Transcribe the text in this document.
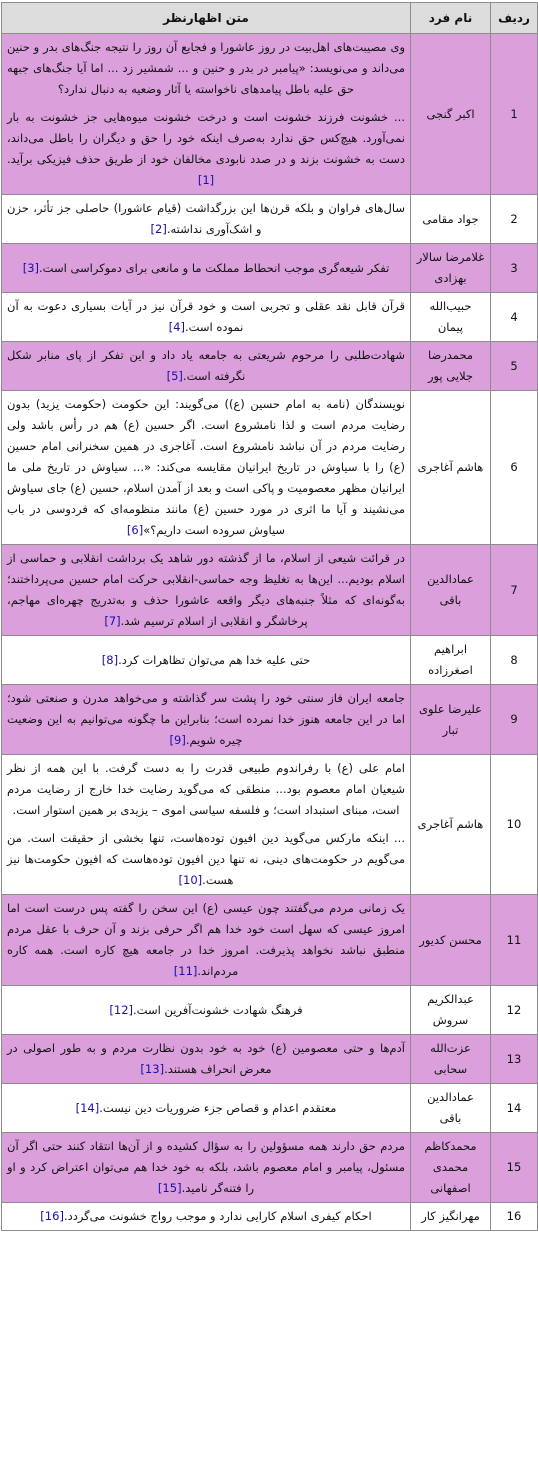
ردیف	نام فرد	متن اظهارنظر
1	اکبر گنجی	وی مصیبت‌های اهل‌بیت در روز عاشورا و فجایع آن روز را نتیجه جنگ‌های بدر و حنین می‌داند و می‌نویسد: «پیامبر در بدر و حنین و ... شمشیر زد ... اما آیا جنگ‌های جبهه حق علیه باطل پیامدهای ناخواسته یا آثار وضعیه به دنبال ندارد؟

... خشونت فرزند خشونت است و درخت خشونت میوه‌هایی جز خشونت به بار نمی‌آورد. هیچ‌کس حق ندارد به‌صرف اینکه خود را حق و دیگران را باطل می‌داند، دست به خشونت بزند و در صدد نابودی مخالفان خود از طریق حذف فیزیکی برآید.[1]

2	جواد مقامی	سال‌های فراوان و بلکه قرن‌ها این بزرگداشت (قیام عاشورا) حاصلی جز تأثر، حزن و اشک‌آوری نداشته.[2]

3	غلامرضا سالار بهزادی	تفکر شیعه‌گری موجب انحطاط مملکت ما و مانعی برای دموکراسی است.[3]

4	حبیب‌الله پیمان	قرآن قابل نقد عقلی و تجربی است و خود قرآن نیز در آیات بسیاری دعوت به آن نموده است.[4]

5	محمدرضا جلایی پور	شهادت‌طلبی را مرحوم شریعتی به جامعه یاد داد و این تفکر از پای منابر شکل نگرفته است.[5]

6	هاشم آغاجری	نویسندگان (نامه به امام حسین (ع)) می‌گویند: این حکومت (حکومت یزید) بدون رضایت مردم است و لذا نامشروع است. اگر حسین (ع) هم در رأس باشد ولی رضایت مردم در آن نباشد نامشروع است. آغاجری در همین سخنرانی امام حسین (ع) را با سیاوش در تاریخ ایرانیان مقایسه می‌کند: «... سیاوش در تاریخ ملی ما ایرانیان مظهر معصومیت و پاکی است و بعد از آمدن اسلام، حسین (ع) جای سیاوش می‌نشیند و آیا ما اثری در مورد حسین (ع) مانند منظومه‌ای که فردوسی در باب سیاوش سروده است داریم؟»[6]

7	عمادالدین باقی	در قرائت شیعی از اسلام، ما از گذشته دور شاهد یک برداشت انقلابی و حماسی از اسلام بودیم... این‌ها به تغلیظ وجه حماسی-انقلابی حرکت امام حسین می‌پرداختند؛ به‌گونه‌ای که مثلاً جنبه‌های دیگر واقعه عاشورا حذف و به‌تدریج چهره‌ای مهاجم، پرخاشگر و انقلابی از اسلام ترسیم شد.[7]

8	ابراهیم اصغرزاده	حتی علیه خدا هم می‌توان تظاهرات کرد.[8]

9	علیرضا علوی تبار	جامعه ایران فاز سنتی خود را پشت سر گذاشته و می‌خواهد مدرن و صنعتی شود؛ اما در این جامعه هنوز خدا نمرده است؛ بنابراین ما چگونه می‌توانیم به این وضعیت چیره شویم.[9]

10	هاشم آغاجری	امام علی (ع) با رفراندوم طبیعی قدرت را به دست گرفت. با این همه از نظر شیعیان امام معصوم بود... منطقی که می‌گوید رضایت خدا خارج از رضایت مردم است، مبنای استبداد است؛ و فلسفه سیاسی اموی – یزیدی بر همین استوار است.

... اینکه مارکس می‌گوید دین افیون توده‌هاست، تنها بخشی از حقیقت است. من می‌گویم در حکومت‌های دینی، نه تنها دین افیون توده‌هاست که افیون حکومت‌ها نیز هست.[10]

11	محسن کدیور	یک زمانی مردم می‌گفتند چون عیسی (ع) این سخن را گفته پس درست است اما امروز عیسی که سهل است خود خدا هم اگر حرفی بزند و آن حرف با عقل مردم منطبق نباشد نخواهد پذیرفت. امروز خدا در جامعه هیچ کاره است. همه کاره مردم‌اند.[11]

12	عبدالکریم سروش	فرهنگ شهادت خشونت‌آفرین است.[12]

13	عزت‌الله سحابی	آدم‌ها و حتی معصومین (ع) خود به خود بدون نظارت مردم و به طور اصولی در معرض انحراف هستند.[13]

14	عمادالدین باقی	معتقدم اعدام و قصاص جزء ضروریات دین نیست.[14]

15	محمدکاظم محمدی اصفهانی	مردم حق دارند همه مسؤولین را به سؤال کشیده و از آن‌ها انتقاد کنند حتی اگر آن مسئول، پیامبر و امام معصوم باشد، بلکه به خود خدا هم می‌توان اعتراض کرد و او را فتنه‌گر نامید.[15]

16	مهرانگیز کار	احکام کیفری اسلام کارایی ندارد و موجب رواج خشونت می‌گردد.[16]
